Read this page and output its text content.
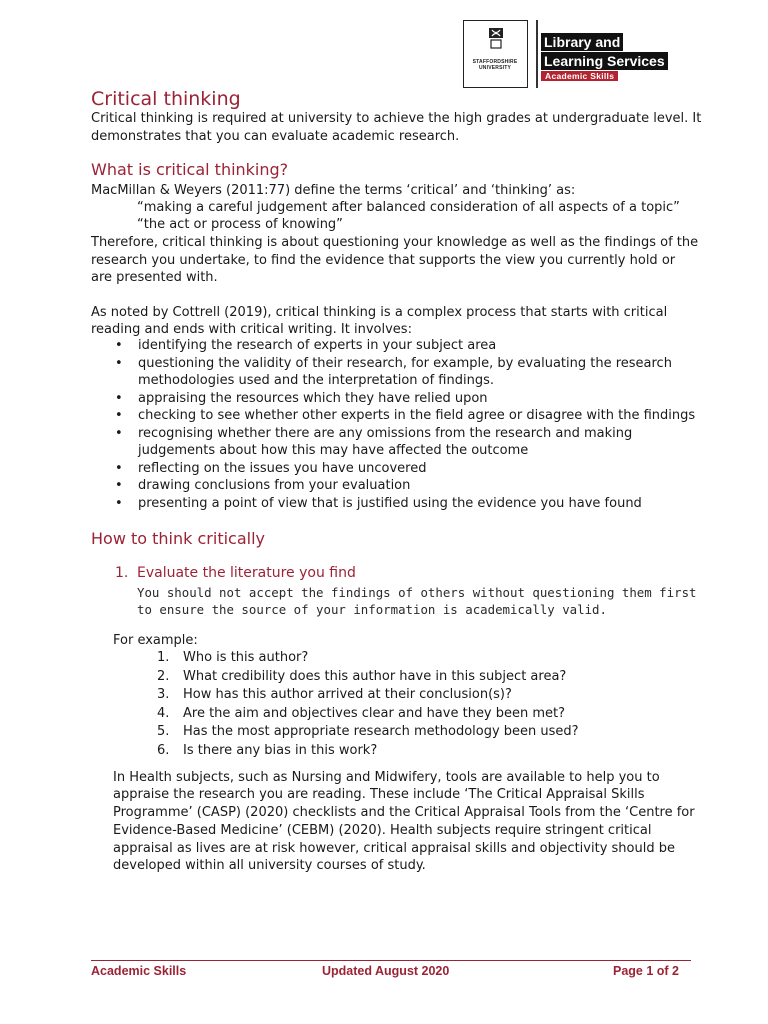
STAFFORDSHIRE UNIVERSITY
Library and
Learning Services
Academic Skills
Critical thinking
Critical thinking is required at university to achieve the high grades at undergraduate level. It
demonstrates that you can evaluate academic research.
What is critical thinking?
MacMillan & Weyers (2011:77) define the terms ‘critical’ and ‘thinking’ as:
“making a careful judgement after balanced consideration of all aspects of a topic”
“the act or process of knowing”
Therefore, critical thinking is about questioning your knowledge as well as the findings of the
research you undertake, to find the evidence that supports the view you currently hold or
are presented with.
As noted by Cottrell (2019), critical thinking is a complex process that starts with critical
reading and ends with critical writing. It involves:
• identifying the research of experts in your subject area
• questioning the validity of their research, for example, by evaluating the research
methodologies used and the interpretation of findings.
• appraising the resources which they have relied upon
• checking to see whether other experts in the field agree or disagree with the findings
• recognising whether there are any omissions from the research and making
judgements about how this may have affected the outcome
• reflecting on the issues you have uncovered
• drawing conclusions from your evaluation
• presenting a point of view that is justified using the evidence you have found
How to think critically
1. Evaluate the literature you find
You should not accept the findings of others without questioning them first
to ensure the source of your information is academically valid.
For example:
1. Who is this author?
2. What credibility does this author have in this subject area?
3. How has this author arrived at their conclusion(s)?
4. Are the aim and objectives clear and have they been met?
5. Has the most appropriate research methodology been used?
6. Is there any bias in this work?
In Health subjects, such as Nursing and Midwifery, tools are available to help you to
appraise the research you are reading. These include ‘The Critical Appraisal Skills
Programme’ (CASP) (2020) checklists and the Critical Appraisal Tools from the ‘Centre for
Evidence-Based Medicine’ (CEBM) (2020). Health subjects require stringent critical
appraisal as lives are at risk however, critical appraisal skills and objectivity should be
developed within all university courses of study.
Academic Skills	Updated August 2020	Page 1 of 2
